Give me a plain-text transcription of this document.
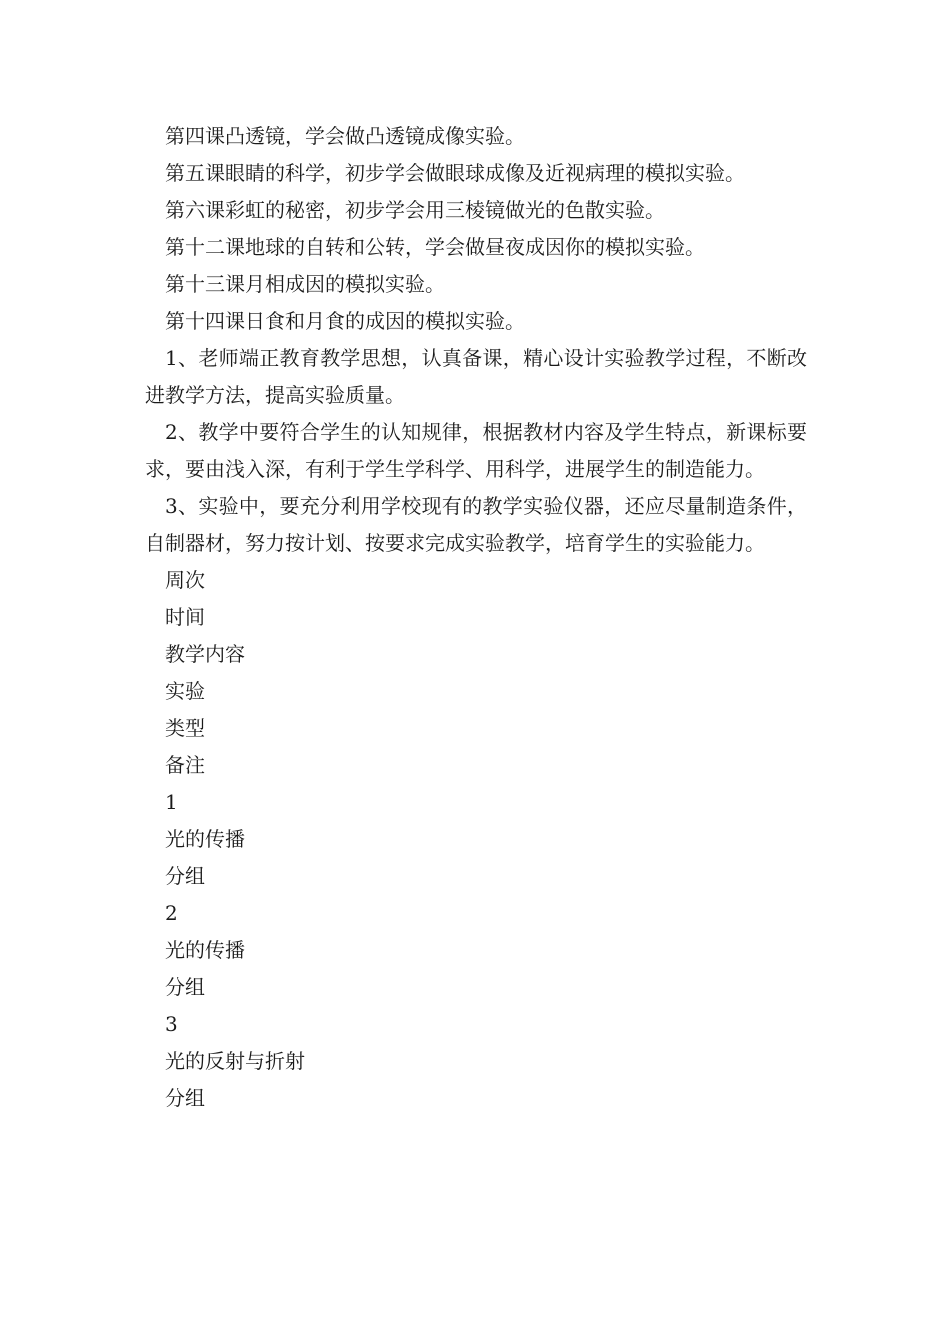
第四课凸透镜，学会做凸透镜成像实验。
第五课眼睛的科学，初步学会做眼球成像及近视病理的模拟实验。
第六课彩虹的秘密，初步学会用三棱镜做光的色散实验。
第十二课地球的自转和公转，学会做昼夜成因你的模拟实验。
第十三课月相成因的模拟实验。
第十四课日食和月食的成因的模拟实验。

1、老师端正教育教学思想，认真备课，精心设计实验教学过程，不断改进教学方法，提高实验质量。

2、教学中要符合学生的认知规律，根据教材内容及学生特点，新课标要求，要由浅入深，有利于学生学科学、用科学，进展学生的制造能力。

3、实验中，要充分利用学校现有的教学实验仪器，还应尽量制造条件，自制器材，努力按计划、按要求完成实验教学，培育学生的实验能力。

周次
时间
教学内容
实验
类型
备注
1
光的传播
分组
2
光的传播
分组
3
光的反射与折射
分组
